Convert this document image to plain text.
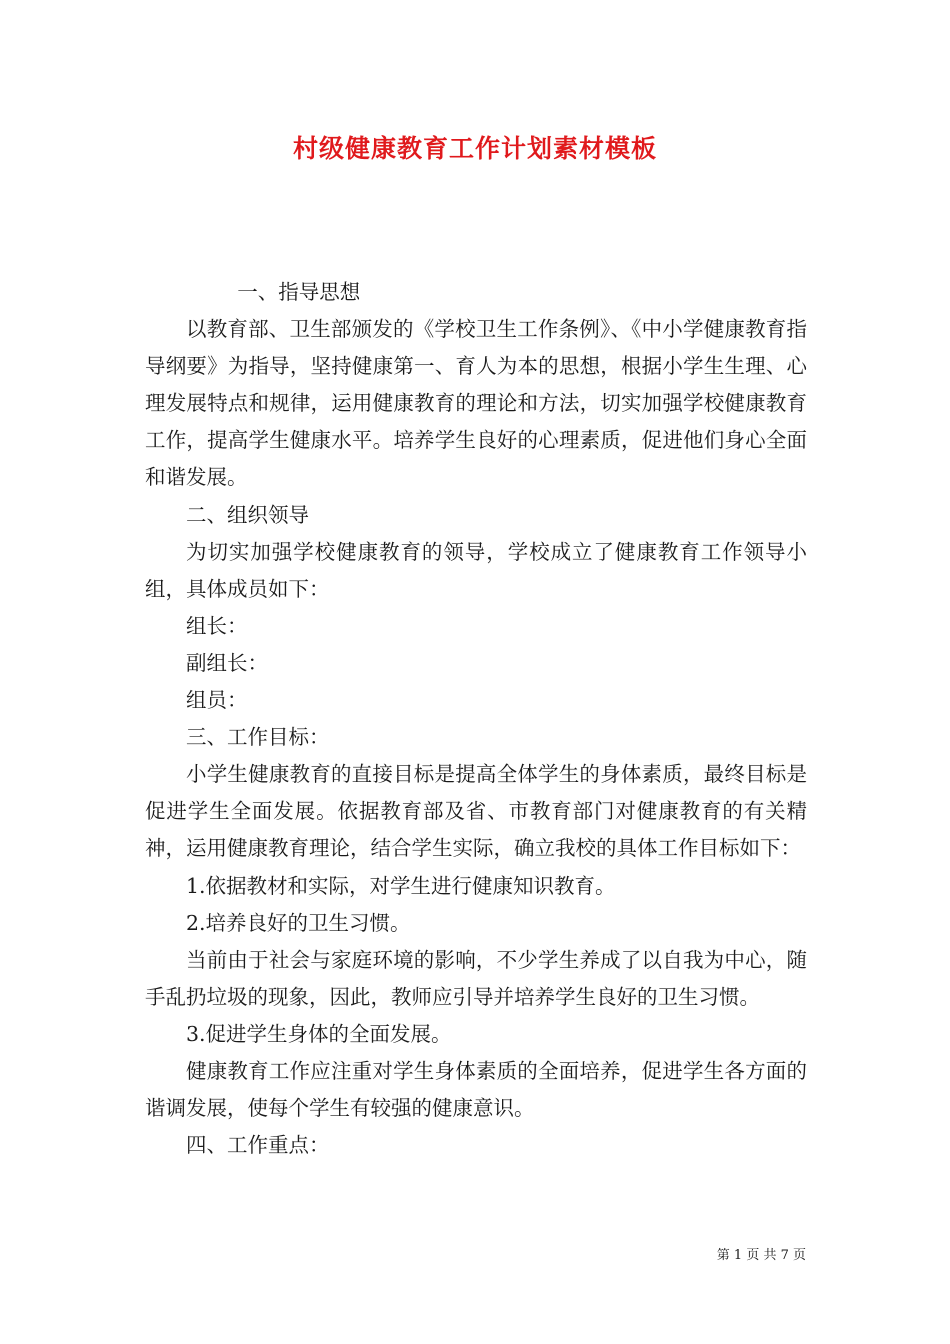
村级健康教育工作计划素材模板

一、指导思想

以教育部、卫生部颁发的《学校卫生工作条例》、《中小学健康教育指导纲要》为指导，坚持健康第一、育人为本的思想，根据小学生生理、心理发展特点和规律，运用健康教育的理论和方法，切实加强学校健康教育工作，提高学生健康水平。培养学生良好的心理素质，促进他们身心全面和谐发展。

二、组织领导

为切实加强学校健康教育的领导，学校成立了健康教育工作领导小组，具体成员如下：

组长：

副组长：

组员：

三、工作目标：

小学生健康教育的直接目标是提高全体学生的身体素质，最终目标是促进学生全面发展。依据教育部及省、市教育部门对健康教育的有关精神，运用健康教育理论，结合学生实际，确立我校的具体工作目标如下：

1.依据教材和实际，对学生进行健康知识教育。

2.培养良好的卫生习惯。

当前由于社会与家庭环境的影响，不少学生养成了以自我为中心，随手乱扔垃圾的现象，因此，教师应引导并培养学生良好的卫生习惯。

3.促进学生身体的全面发展。

健康教育工作应注重对学生身体素质的全面培养，促进学生各方面的谐调发展，使每个学生有较强的健康意识。

四、工作重点：

第 1 页 共 7 页
